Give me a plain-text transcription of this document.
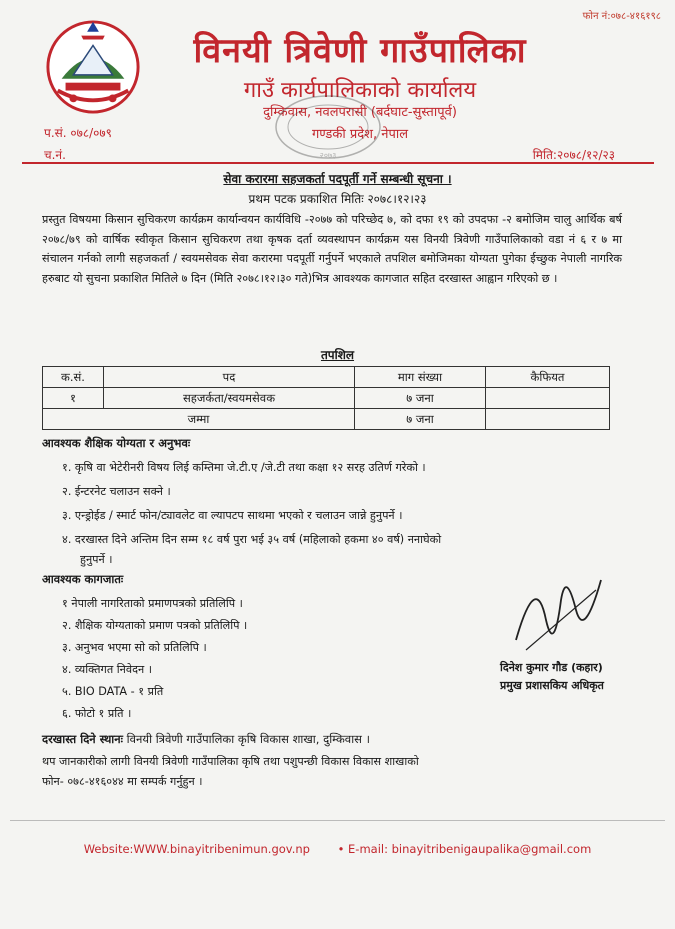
फोन नं:०७८-४१६१९८
विनयी त्रिवेणी गाउँपालिका
गाउँ कार्यपालिकाको कार्यालय
दुम्किवास, नवलपरासी (बर्दघाट-सुस्तापूर्व)
गण्डकी प्रदेश, नेपाल
प.सं. ०७८/०७९
च.नं.	मिति:२०७८/१२/२३
२०७३
सेवा करारमा सहजकर्ता पदपूर्ती गर्ने सम्बन्धी सूचना ।
प्रथम पटक प्रकाशित मितिः २०७८।१२।२३
प्रस्तुत विषयमा किसान सुचिकरण कार्यक्रम कार्यान्वयन कार्यविधि -२०७७ को परिच्छेद ७, को दफा १९ को उपदफा -२ बमोजिम चालु आर्थिक बर्ष २०७८/७९ को वार्षिक स्वीकृत किसान सुचिकरण तथा कृषक दर्ता व्यवस्थापन कार्यक्रम यस विनयी त्रिवेणी गाउँपालिकाको वडा नं ६ र ७ मा संचालन गर्नको लागी सहजकर्ता / स्वयमसेवक सेवा करारमा पदपूर्ती गर्नुपर्ने भएकाले तपशिल बमोजिमका योग्यता पुगेका ईच्छुक नेपाली नागरिक हरुबाट यो सुचना प्रकाशित मितिले ७ दिन (मिति २०७८।१२।३० गते)भित्र आवश्यक कागजात सहित दरखास्त आह्वान गरिएको छ ।
तपशिल
क.सं.	पद	माग संख्या	कैफियत
१	सहजर्कता/स्वयमसेवक	७ जना	
जम्मा		७ जना	
आवश्यक शैक्षिक योग्यता र अनुभवः
१. कृषि वा भेटेरीनरी विषय लिई कम्तिमा जे.टी.ए /जे.टी तथा कक्षा १२ सरह उतिर्ण गरेको ।
२. ईन्टरनेट चलाउन सक्ने ।
३. एन्ड्रोईड / स्मार्ट फोन/ट्यावलेट वा ल्यापटप साथमा भएको र चलाउन जान्ने हुनुपर्ने ।
४. दरखास्त दिने अन्तिम दिन सम्म १८ वर्ष पुरा भई ३५ वर्ष (महिलाको हकमा ४० वर्ष) ननाघेको
हुनुपर्ने ।
आवश्यक कागजातः
१ नेपाली नागरिताको प्रमाणपत्रको प्रतिलिपि ।
२. शैक्षिक योग्यताको प्रमाण पत्रको प्रतिलिपि ।
३. अनुभव भएमा सो को प्रतिलिपि ।
४. व्यक्तिगत निवेदन ।
५. BIO DATA - १ प्रति
६. फोटो १ प्रति ।
दिनेश कुमार गौड (कहार)
प्रमुख प्रशासकिय अधिकृत
दरखास्त दिने स्थानः विनयी त्रिवेणी गाउँपालिका कृषि विकास शाखा, दुम्किवास ।
थप जानकारीको लागी विनयी त्रिवेणी गाउँपालिका कृषि तथा पशुपन्छी विकास विकास शाखाको
फोन- ०७८-४१६०४४ मा सम्पर्क गर्नुहुन ।
Website:WWW.binayitribenimun.gov.np • E-mail: binayitribenigaupalika@gmail.com
